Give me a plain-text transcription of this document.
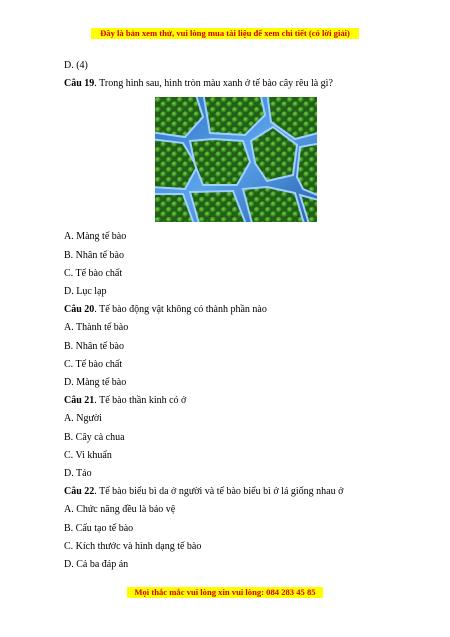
Đây là bản xem thử, vui lòng mua tài liệu để xem chi tiết (có lời giải)
D. (4)
Câu 19. Trong hình sau, hình tròn màu xanh ở tế bào cây rêu là gì?
A. Màng tế bào
B. Nhân tế bào
C. Tế bào chất
D. Lục lạp
Câu 20. Tế bào động vật không có thành phần nào
A. Thành tế bào
B. Nhân tế bào
C. Tế bào chất
D. Màng tế bào
Câu 21. Tế bào thần kinh có ở
A. Người
B. Cây cà chua
C. Vi khuẩn
D. Tảo
Câu 22. Tế bào biểu bì da ở người và tế bào biểu bì ở lá giống nhau ở
A. Chức năng đều là bảo vệ
B. Cấu tạo tế bào
C. Kích thước và hình dạng tế bào
D. Cả ba đáp án
Mọi thắc mắc vui lòng xin vui lòng: 084 283 45 85
